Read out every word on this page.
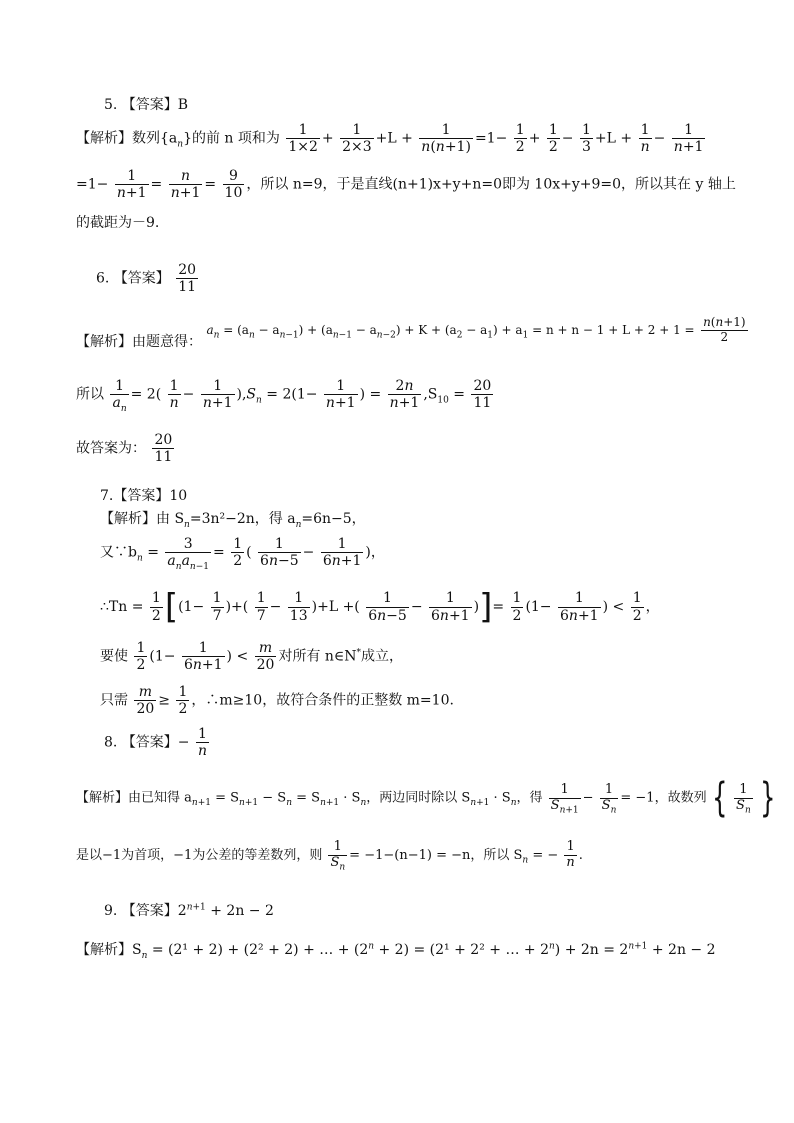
5. 【答案】B
【解析】数列$\{a_n\}$的前 n 项和为 $\frac{1}{1\times 2} + \frac{1}{2\times 3} +L + \frac{1}{n(n+1)} =1- \frac{1}{2} + \frac{1}{2} - \frac{1}{3} +L + \frac{1}{n} - \frac{1}{n+1}$
$=1- \frac{1}{n+1} = \frac{n}{n+1} = \frac{9}{10}$ ，所以 n=9，于是直线(n+1)x+y+n=0即为 10x+y+9=0，所以其在 y 轴上
的截距为－9.
6. 【答案】 $\frac{20}{11}$
【解析】由题意得： $a_n = (a_n - a_{n-1}) + (a_{n-1} - a_{n-2}) + K + (a_2 - a_1) + a_1 = n + n - 1 + L + 2 + 1 = \frac{n(n+1)}{2}$
所以 $\frac{1}{a_n} = 2( \frac{1}{n} - \frac{1}{n+1} ),S_n = 2(1- \frac{1}{n+1}$ ) = $\frac{2n}{n+1} ,S_{10} = \frac{20}{11}$
故答案为： $\frac{20}{11}$
7.【答案】10
【解析】由 $S_n=3n^2-2n$，得 $a_n=6n-5$，
又$\because b_n$ =
3
$a_na_{n-1}$
= $\frac{1}{2}$ ( $\frac{1}{6n-5} - \frac{1}{6n+1}$ )，
∴Tn = $\frac{1}{2} [(1- \frac{1}{7}$ )+( $\frac{1}{7} - \frac{1}{13} )+L$ +( $\frac{1}{6n-5} - \frac{1}{6n+1}$ )]= $\frac{1}{2} (1- \frac{1}{6n+1}$ ) < $\frac{1}{2}$ ，
要使 $\frac{1}{2} (1- \frac{1}{6n+1}$ ) < $\frac{m}{20}$ 对所有 n∈N*成立，
只需 $\frac{m}{20} \ge \frac{1}{2}$ ，∴m≥10，故符合条件的正整数 m=10.
8. 【答案】− $\frac{1}{n}$
【解析】由已知得 $a_{n+1} = S_{n+1} - S_n = S_{n+1} \cdot S_n$，两边同时除以 $S_{n+1} \cdot S_n$，得 $\frac{1}{S_{n+1}} - \frac{1}{S_n} = -1$，故数列 { $\frac{1}{S_n}$ }
是以−1为首项，−1为公差的等差数列，则 $\frac{1}{S_n} = -1-(n-1) = -n$，所以 $S_n$ = − $\frac{1}{n}$ .
9. 【答案】$2^{n+1} + 2n - 2$
【解析】$S_n = (2^1 + 2) + (2^2 + 2)$ + … + $(2^n + 2) = (2^1 + 2^2$ + … + $2^n) + 2n = 2^{n+1} + 2n - 2$
